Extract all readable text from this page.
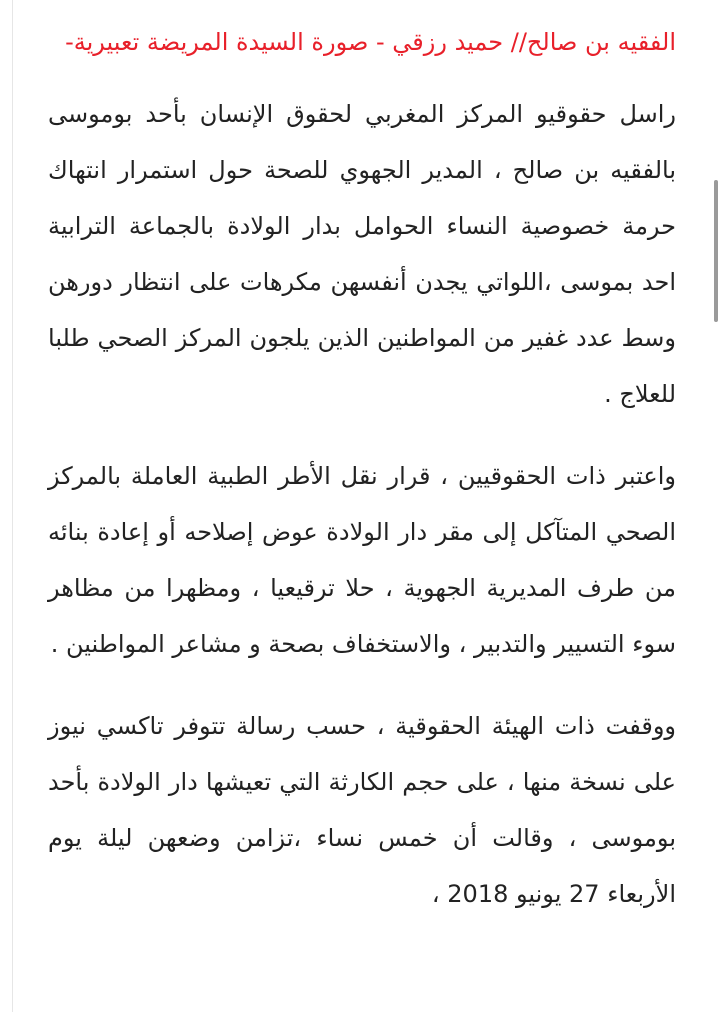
الفقيه بن صالح// حميد رزقي - صورة السيدة المريضة تعبيرية-

راسل حقوقيو المركز المغربي لحقوق الإنسان بأحد بوموسى بالفقيه بن صالح ، المدير الجهوي للصحة حول استمرار انتهاك حرمة خصوصية النساء الحوامل بدار الولادة بالجماعة الترابية احد بموسى ،اللواتي يجدن أنفسهن مكرهات على انتظار دورهن وسط عدد غفير من المواطنين الذين يلجون المركز الصحي طلبا للعلاج .

واعتبر ذات الحقوقيين ، قرار نقل الأطر الطبية العاملة بالمركز الصحي المتآكل إلى مقر دار الولادة عوض إصلاحه أو إعادة بنائه من طرف المديرية الجهوية ، حلا ترقيعيا ، ومظهرا من مظاهر سوء التسيير والتدبير ، والاستخفاف بصحة و مشاعر المواطنين .

ووقفت ذات الهيئة الحقوقية ، حسب رسالة تتوفر تاكسي نيوز على نسخة منها ، على حجم الكارثة التي تعيشها دار الولادة بأحد بوموسى ، وقالت أن خمس نساء ،تزامن وضعهن ليلة يوم الأربعاء 27 يونيو 2018 ،
